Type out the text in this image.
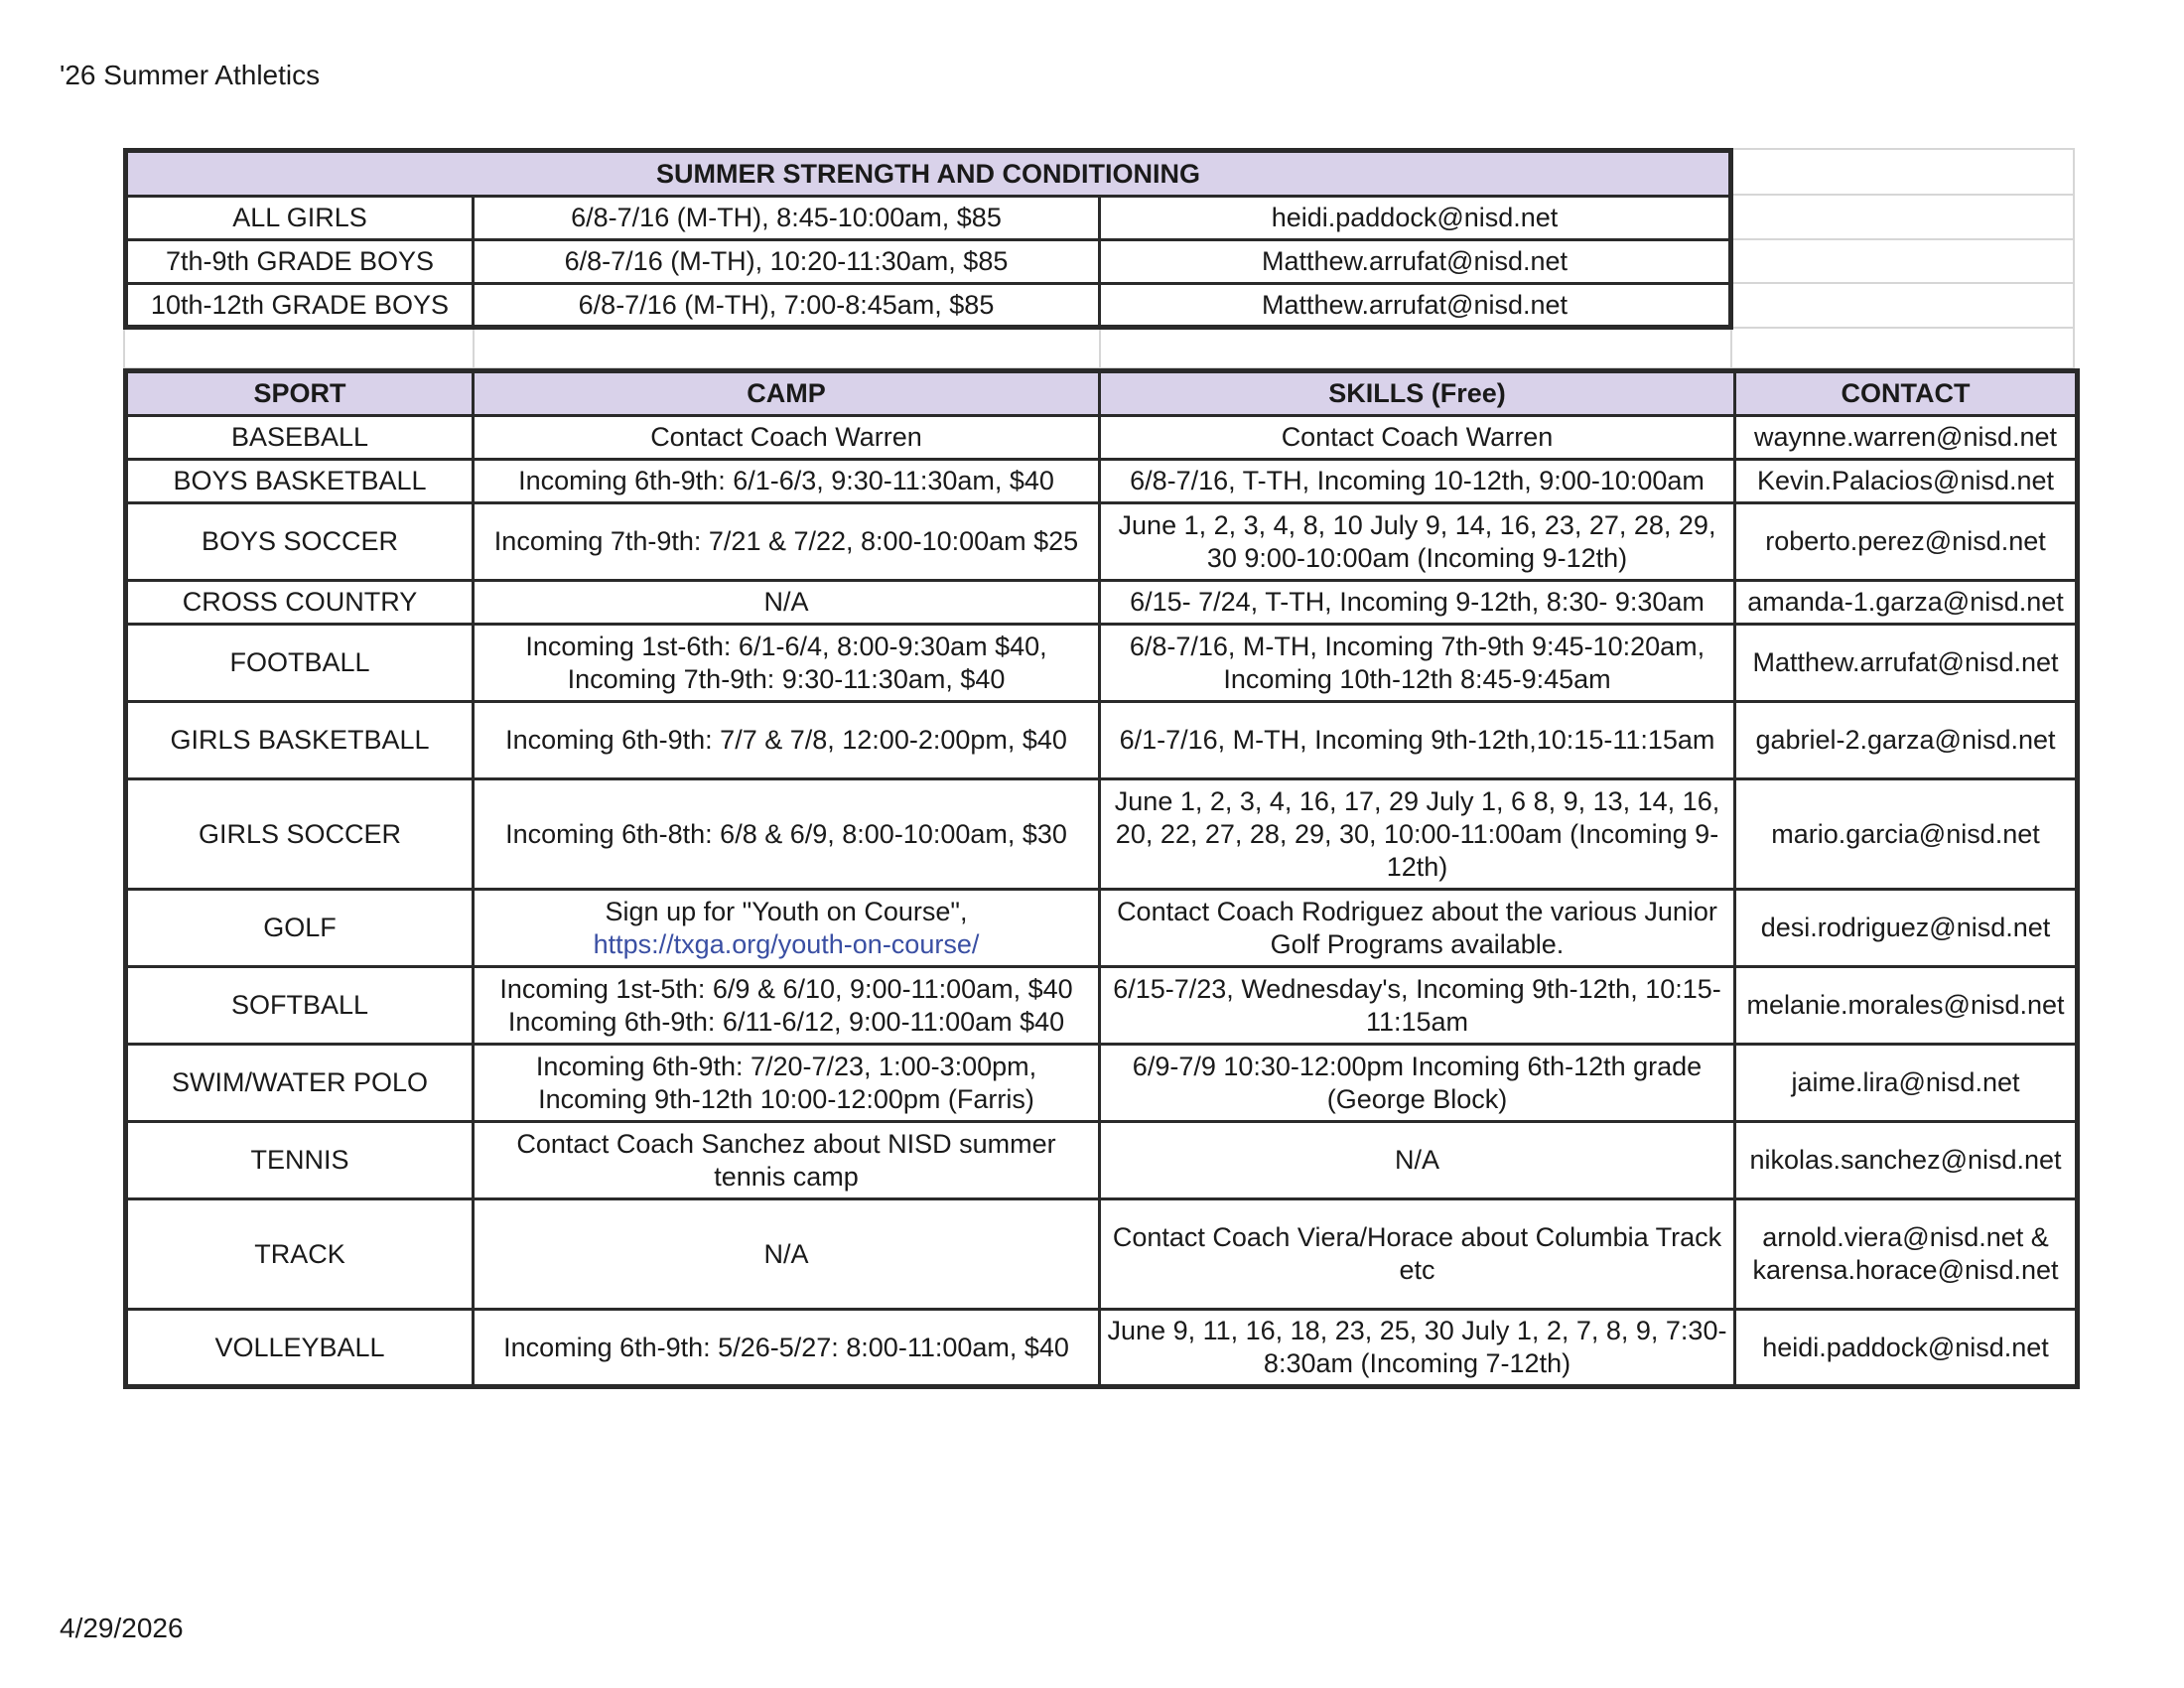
'26 Summer Athletics
SUMMER STRENGTH AND CONDITIONING		
ALL GIRLS	6/8-7/16 (M-TH), 8:45-10:00am, $85	heidi.paddock@nisd.net
7th-9th GRADE BOYS	6/8-7/16 (M-TH), 10:20-11:30am, $85	Matthew.arrufat@nisd.net
10th-12th GRADE BOYS	6/8-7/16 (M-TH), 7:00-8:45am, $85	Matthew.arrufat@nisd.net
SPORT	CAMP	SKILLS (Free)	CONTACT
BASEBALL	Contact Coach Warren	Contact Coach Warren	waynne.warren@nisd.net
BOYS BASKETBALL	Incoming 6th-9th: 6/1-6/3, 9:30-11:30am, $40	6/8-7/16, T-TH, Incoming 10-12th, 9:00-10:00am	Kevin.Palacios@nisd.net
BOYS SOCCER	Incoming 7th-9th: 7/21 & 7/22, 8:00-10:00am $25	June 1, 2, 3, 4, 8, 10 July 9, 14, 16, 23, 27, 28, 29, 30 9:00-10:00am (Incoming 9-12th)	roberto.perez@nisd.net
CROSS COUNTRY	N/A	6/15- 7/24, T-TH, Incoming 9-12th, 8:30- 9:30am	amanda-1.garza@nisd.net
FOOTBALL	Incoming 1st-6th: 6/1-6/4, 8:00-9:30am $40, Incoming 7th-9th: 9:30-11:30am, $40	6/8-7/16, M-TH, Incoming 7th-9th 9:45-10:20am, Incoming 10th-12th 8:45-9:45am	Matthew.arrufat@nisd.net
GIRLS BASKETBALL	Incoming 6th-9th: 7/7 & 7/8, 12:00-2:00pm, $40	6/1-7/16, M-TH, Incoming 9th-12th,10:15-11:15am	gabriel-2.garza@nisd.net
GIRLS SOCCER	Incoming 6th-8th: 6/8 & 6/9, 8:00-10:00am, $30	June 1, 2, 3, 4, 16, 17, 29 July 1, 6 8, 9, 13, 14, 16, 20, 22, 27, 28, 29, 30, 10:00-11:00am (Incoming 9-12th)	mario.garcia@nisd.net
GOLF	Sign up for "Youth on Course",
https://txga.org/youth-on-course/	Contact Coach Rodriguez about the various Junior Golf Programs available.	desi.rodriguez@nisd.net
SOFTBALL	Incoming 1st-5th: 6/9 & 6/10, 9:00-11:00am, $40 Incoming 6th-9th: 6/11-6/12, 9:00-11:00am $40	6/15-7/23, Wednesday's, Incoming 9th-12th, 10:15-11:15am	melanie.morales@nisd.net
SWIM/WATER POLO	Incoming 6th-9th: 7/20-7/23, 1:00-3:00pm, Incoming 9th-12th 10:00-12:00pm (Farris)	6/9-7/9 10:30-12:00pm Incoming 6th-12th grade (George Block)	jaime.lira@nisd.net
TENNIS	Contact Coach Sanchez about NISD summer tennis camp	N/A	nikolas.sanchez@nisd.net
TRACK	N/A	Contact Coach Viera/Horace about Columbia Track etc	arnold.viera@nisd.net & karensa.horace@nisd.net
VOLLEYBALL	Incoming 6th-9th: 5/26-5/27: 8:00-11:00am, $40	June 9, 11, 16, 18, 23, 25, 30 July 1, 2, 7, 8, 9, 7:30-8:30am (Incoming 7-12th)	heidi.paddock@nisd.net
4/29/2026
